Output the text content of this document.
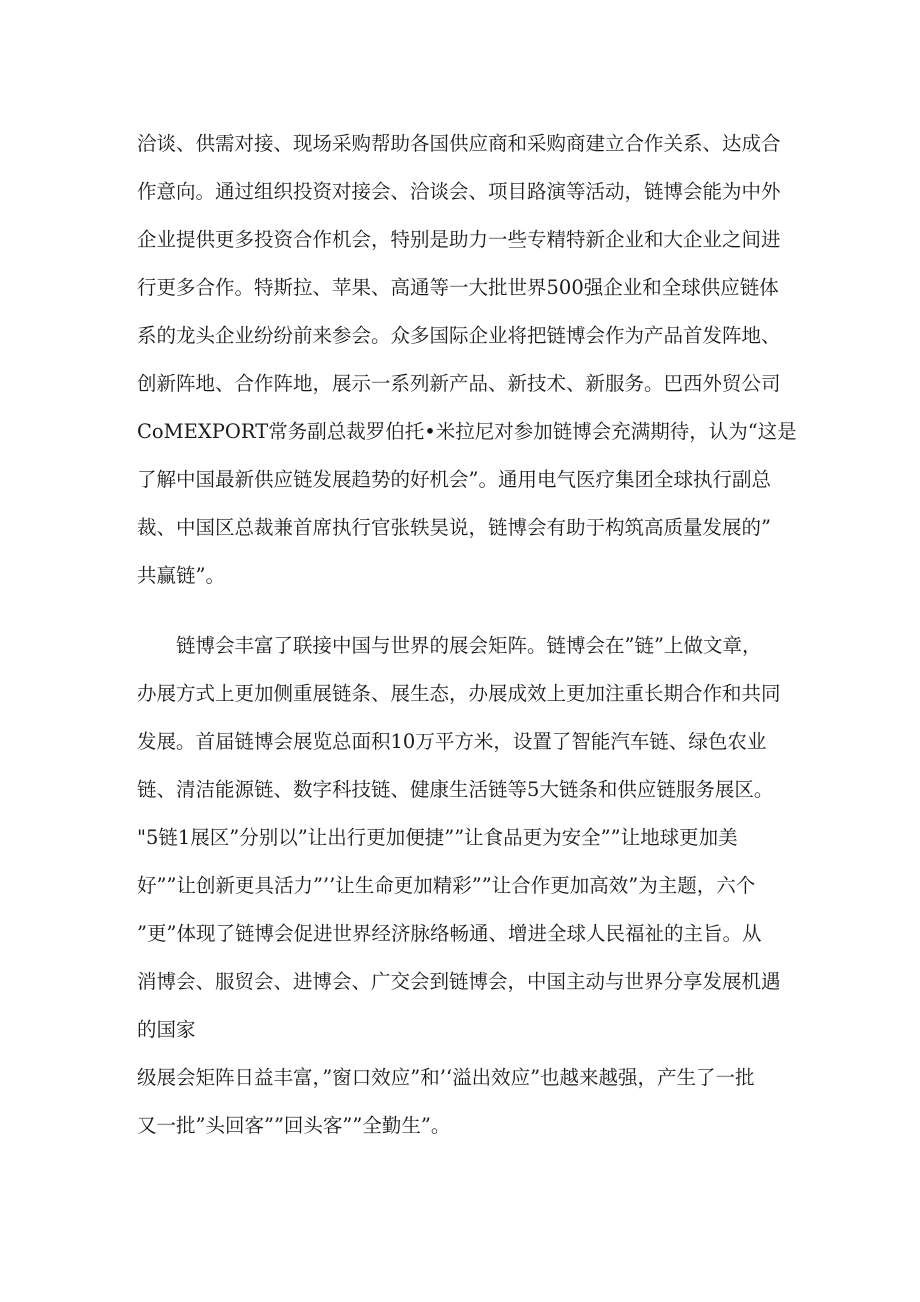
洽谈、供需对接、现场采购帮助各国供应商和采购商建立合作关系、达成合
作意向。通过组织投资对接会、洽谈会、项目路演等活动，链博会能为中外
企业提供更多投资合作机会，特别是助力一些专精特新企业和大企业之间进
行更多合作。特斯拉、苹果、高通等一大批世界500强企业和全球供应链体
系的龙头企业纷纷前来参会。众多国际企业将把链博会作为产品首发阵地、
创新阵地、合作阵地，展示一系列新产品、新技术、新服务。巴西外贸公司
CoMEXPORT常务副总裁罗伯托•米拉尼对参加链博会充满期待，认为“这是
了解中国最新供应链发展趋势的好机会”。通用电气医疗集团全球执行副总
裁、中国区总裁兼首席执行官张轶昊说，链博会有助于构筑高质量发展的”
共赢链”。
链博会丰富了联接中国与世界的展会矩阵。链博会在”链”上做文章，
办展方式上更加侧重展链条、展生态，办展成效上更加注重长期合作和共同
发展。首届链博会展览总面积10万平方米，设置了智能汽车链、绿色农业
链、清洁能源链、数字科技链、健康生活链等5大链条和供应链服务展区。
"5链1展区”分别以”让出行更加便捷””让食品更为安全””让地球更加美
好””让创新更具活力”’’让生命更加精彩””让合作更加高效”为主题，六个
”更”体现了链博会促进世界经济脉络畅通、增进全球人民福祉的主旨。从
消博会、服贸会、进博会、广交会到链博会，中国主动与世界分享发展机遇
的国家
级展会矩阵日益丰富，”窗口效应”和’‘溢出效应”也越来越强，产生了一批
又一批”头回客””回头客””全勤生”。
